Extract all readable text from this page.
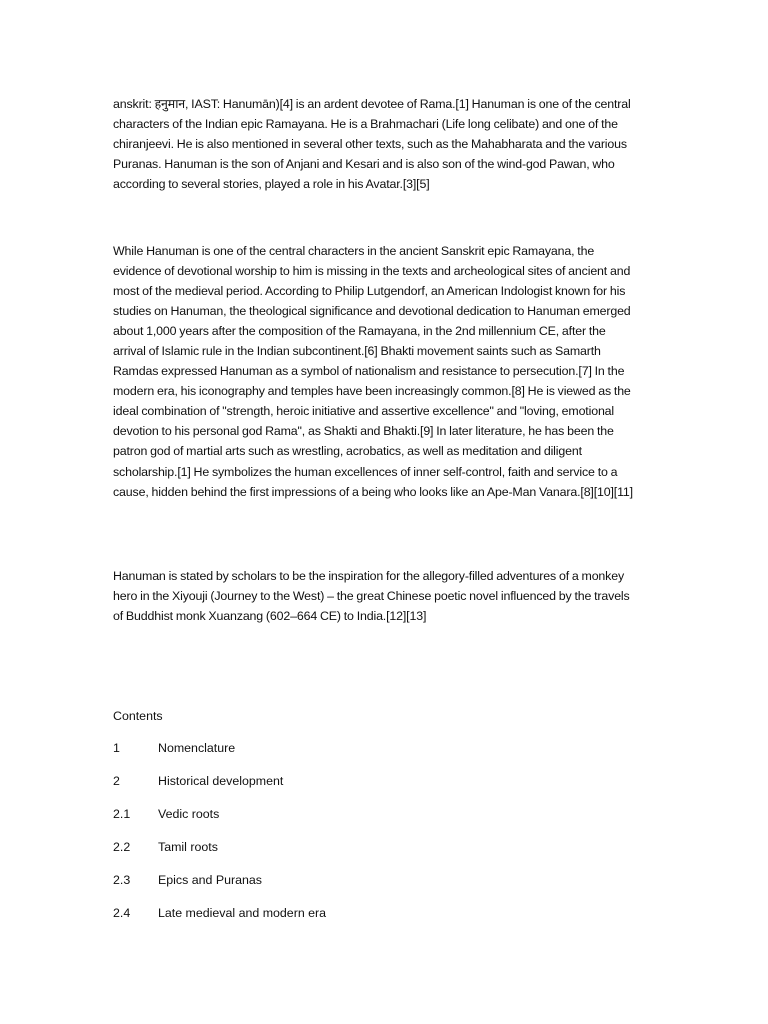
anskrit: हनुमान, IAST: Hanumān)[4] is an ardent devotee of Rama.[1] Hanuman is one of the central characters of the Indian epic Ramayana. He is a Brahmachari (Life long celibate) and one of the chiranjeevi. He is also mentioned in several other texts, such as the Mahabharata and the various Puranas. Hanuman is the son of Anjani and Kesari and is also son of the wind-god Pawan, who according to several stories, played a role in his Avatar.[3][5]

While Hanuman is one of the central characters in the ancient Sanskrit epic Ramayana, the evidence of devotional worship to him is missing in the texts and archeological sites of ancient and most of the medieval period. According to Philip Lutgendorf, an American Indologist known for his studies on Hanuman, the theological significance and devotional dedication to Hanuman emerged about 1,000 years after the composition of the Ramayana, in the 2nd millennium CE, after the arrival of Islamic rule in the Indian subcontinent.[6] Bhakti movement saints such as Samarth Ramdas expressed Hanuman as a symbol of nationalism and resistance to persecution.[7] In the modern era, his iconography and temples have been increasingly common.[8] He is viewed as the ideal combination of "strength, heroic initiative and assertive excellence" and "loving, emotional devotion to his personal god Rama", as Shakti and Bhakti.[9] In later literature, he has been the patron god of martial arts such as wrestling, acrobatics, as well as meditation and diligent scholarship.[1] He symbolizes the human excellences of inner self-control, faith and service to a cause, hidden behind the first impressions of a being who looks like an Ape-Man Vanara.[8][10][11]

Hanuman is stated by scholars to be the inspiration for the allegory-filled adventures of a monkey hero in the Xiyouji (Journey to the West) – the great Chinese poetic novel influenced by the travels of Buddhist monk Xuanzang (602–664 CE) to India.[12][13]

Contents
1	Nomenclature
2	Historical development
2.1 Vedic roots
2.2 Tamil roots
2.3 Epics and Puranas
2.4 Late medieval and modern era
